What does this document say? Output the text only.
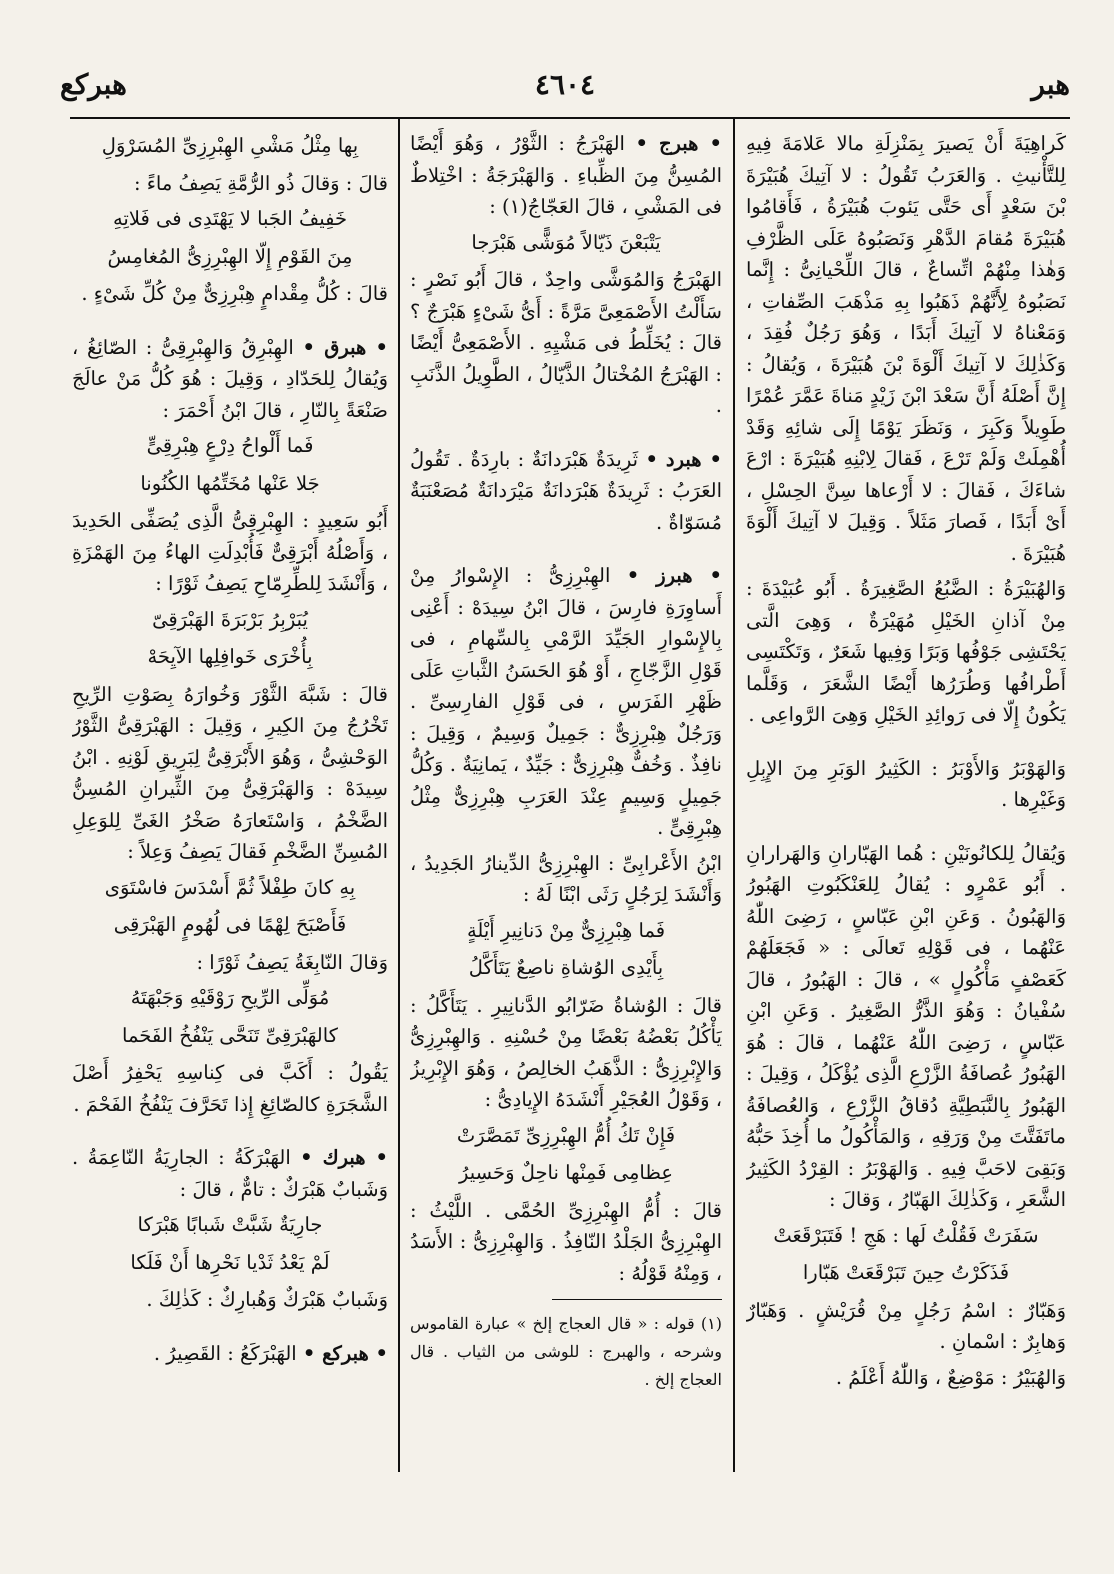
هبر
٤٦٠٤
هبركع

كَراهِيَةَ أَنْ يَصيرَ بِمَنْزِلَةِ مالا عَلامَةَ فِيهِ لِلتَّأْنيثِ . وَالعَرَبُ تَقُولُ : لا آتِيكَ هُبَيْرَةَ بْنَ سَعْدٍ أَى حَتَّى يَئوبَ هُبَيْرَةُ ، فَأَقامُوا هُبَيْرَةَ مُقامَ الدَّهْرِ وَنَصَبُوهُ عَلَى الظَّرْفِ وَهٰذا مِنْهُمْ اتِّساعٌ ، قالَ اللِّحْيانِىُّ : إِنَّما نَصَبُوهُ لِأَنَّهُمْ ذَهَبُوا بِهِ مَذْهَبَ الصِّفاتِ ، وَمَعْناهُ لا آتِيكَ أَبَدًا ، وَهُوَ رَجُلٌ فُقِدَ ، وَكَذٰلِكَ لا آتِيكَ أَلْوَةَ بْنَ هُبَيْرَةَ ، وَيُقالُ : إِنَّ أَصْلَهُ أَنَّ سَعْدَ ابْنَ زَيْدٍ مَناةَ عَمَّرَ عُمْرًا طَوِيلاً وَكَبِرَ ، وَنَظَرَ يَوْمًا إِلَى شائِهِ وَقَدْ أُهْمِلَتْ وَلَمْ تَرْعَ ، فَقالَ لِابْنِهِ هُبَيْرَةَ : ارْعَ شاءَكَ ، فَقالَ : لا أَرْعاها سِنَّ الحِسْلِ ، أَىْ أَبَدًا ، فَصارَ مَثَلاً . وَقِيلَ لا آتِيكَ أَلْوَةَ هُبَيْرَةَ .

وَالهُبَيْرَةُ : الضَّبُعُ الصَّغِيرَةُ . أَبُو عُبَيْدَةَ : مِنْ آذانِ الخَيْلِ مُهَيْرَةٌ ، وَهِىَ الَّتى يَحْتَشِى جَوْفُها وَبَرًا وَفِيها شَعَرٌ ، وَتَكْتَسِى أَطْرافُها وَطُرَرُها أَيْضًا الشَّعَرَ ، وَقَلَّما يَكُونُ إِلّا فى رَوائِدِ الخَيْلِ وَهِىَ الرَّواعِى .

وَالهَوْبَرُ وَالأَوْبَرُ : الكَثِيرُ الوَبَرِ مِنَ الإِبِلِ وَغَيْرِها .

وَيُقالُ لِلكانُونَيْنِ : هُما الهَبّارانِ وَالهَرارانِ . أَبُو عَمْرٍو : يُقالُ لِلعَنْكَبُوتِ الهَبُورُ وَالهَبُونُ . وَعَنِ ابْنِ عَبّاسٍ ، رَضِىَ اللّٰهُ عَنْهُما ، فى قَوْلِهِ تَعالَى : « فَجَعَلَهُمْ كَعَصْفٍ مَأْكُولٍ » ، قالَ : الهَبُورُ ، قالَ سُفْيانُ : وَهُوَ الذَّرُّ الصَّغِيرُ . وَعَنِ ابْنِ عَبّاسٍ ، رَضِىَ اللّٰهُ عَنْهُما ، قالَ : هُوَ الهَبُورُ عُصافَةُ الزَّرْعِ الَّذِى يُؤْكَلُ ، وَقِيلَ : الهَبُورُ بِالنَّبَطِيَّةِ دُقاقُ الزَّرْعِ ، وَالعُصافَةُ ماتَفَتَّتَ مِنْ وَرَقِهِ ، وَالمَأْكُولُ ما أُخِذَ حَبُّهُ وَبَقِىَ لاحَبَّ فِيهِ . وَالهَوْبَرُ : القِرْدُ الكَثِيرُ الشَّعَرِ ، وَكَذٰلِكَ الهَبّارُ ، وَقالَ :

سَفَرَتْ فَقُلْتُ لَها : هَجِ ! فَتَبَرْقَعَتْ

فَذَكَرْتُ حِينَ تَبَرْقَعَتْ هَبّارا

وَهَبّارٌ : اسْمُ رَجُلٍ مِنْ قُرَيْشٍ . وَهَبّارٌ وَهابِرٌ : اسْمانِ .

وَالهُبَيْرُ : مَوْضِعٌ ، وَاللّٰهُ أَعْلَمُ .

• هبرج • الهَبْرَجُ : الثَّوْرُ ، وَهُوَ أَيْضًا المُسِنُّ مِنَ الظِّباءِ . وَالهَبْرَجَةُ : اخْتِلاطٌ فى المَشْىِ ، قالَ العَجّاجُ(١) :

يَتْبَعْنَ ذَيّالاً مُوَشًّى هَبْرَجا

الهَبْرَجُ وَالمُوَشَّى واحِدٌ ، قالَ أَبُو نَصْرٍ : سَأَلْتُ الأَصْمَعِىَّ مَرَّةً : أَىُّ شَىْءٍ هَبْرَجٌ ؟ قالَ : يُخَلِّطُ فى مَشْيِهِ . الأَصْمَعِىُّ أَيْضًا : الهَبْرَجُ المُخْتالُ الذَّيّالُ ، الطَّوِيلُ الذَّنَبِ .

• هبرد • ثَرِيدَةٌ هَبْرَدانَةٌ : بارِدَةٌ . تَقُولُ العَرَبُ : ثَرِيدَةٌ هَبْرَدانَةٌ مَيْرَدانَةٌ مُصَعْنَبَةٌ مُسَوّاةٌ .

• هبرز • الهِبْرِزِىُّ : الإِسْوارُ مِنْ أَساوِرَةِ فارِسَ ، قالَ ابْنُ سِيدَهْ : أَعْنِى بِالإِسْوارِ الجَيِّدَ الرَّمْىِ بِالسِّهامِ ، فى قَوْلِ الزَّجّاجِ ، أَوْ هُوَ الحَسَنُ الثَّباتِ عَلَى ظَهْرِ الفَرَسِ ، فى قَوْلِ الفارِسِىِّ . وَرَجُلٌ هِبْرِزِىٌّ : جَمِيلٌ وَسِيمٌ ، وَقِيلَ : نافِذٌ . وَخُفٌّ هِبْرِزِىٌّ : جَيِّدٌ ، يَمانِيَةٌ . وَكُلُّ جَمِيلٍ وَسِيمٍ عِنْدَ العَرَبِ هِبْرِزِىٌّ مِثْلُ هِبْرِقِىٍّ .

ابْنُ الأَعْرابِىِّ : الهِبْرِزِىُّ الدِّينارُ الجَدِيدُ ، وَأَنْشَدَ لِرَجُلٍ رَثَى ابْنًا لَهُ :

فَما هِبْرِزِىٌّ مِنْ دَنانِيرِ أَيْلَةٍ

بِأَيْدِى الوُشاةِ ناصِعٌ يَتَأَكَّلُ

قالَ : الوُشاةُ ضَرّابُو الدَّنانِيرِ . يَتَأَكَّلُ : يَأْكُلُ بَعْضُهُ بَعْضًا مِنْ حُسْنِهِ . وَالهِبْرِزِىُّ وَالإِبْرِزِىُّ : الذَّهَبُ الخالِصُ ، وَهُوَ الإِبْرِيزُ ، وَقَوْلُ العُجَيْرِ أَنْشَدَهُ الإِيادِىُّ :

فَإِنْ تَكُ أُمُّ الهِبْرِزِىِّ تَمَصَّرَتْ

عِظامِى فَمِنْها ناحِلٌ وَحَسِيرُ

قالَ : أُمُّ الهِبْرِزِىِّ الحُمَّى . اللَّيْثُ : الهِبْرِزِىُّ الجَلْدُ النّافِذُ . وَالهِبْرِزِىُّ : الأَسَدُ ، وَمِنْهُ قَوْلُهُ :

(١) قوله : « قال العجاج إلخ » عبارة القاموس وشرحه ، والهبرج : للوشى من الثياب . قال العجاج إلخ .

بِها مِثْلُ مَشْىِ الهِبْرِزِىِّ المُسَرْوَلِ

قالَ : وَقالَ ذُو الرُّمَّةِ يَصِفُ ماءً :

خَفِيفُ الجَبا لا يَهْتَدِى فى فَلاتِهِ

مِنَ القَوْمِ إِلّا الهِبْرِزِىُّ المُغامِسُ

قالَ : كُلُّ مِقْدامٍ هِبْرِزِىٌّ مِنْ كُلِّ شَىْءٍ .

• هبرق • الهِبْرِقُ وَالهِبْرِقِىُّ : الصّائِغُ ، وَيُقالُ لِلحَدّادِ ، وَقِيلَ : هُوَ كُلُّ مَنْ عالَجَ صَنْعَةً بِالنّارِ ، قالَ ابْنُ أَحْمَرَ :

فَما أَلْواحُ دِرْعٍ هِبْرِقِىٍّ

جَلا عَنْها مُخَتِّمُها الكُنُونا

أَبُو سَعِيدٍ : الهِبْرِقِىُّ الَّذِى يُصَفِّى الحَدِيدَ ، وَأَصْلُهُ أَبْرَقِىٌّ فَأُبْدِلَتِ الهاءُ مِنَ الهَمْزَةِ ، وَأَنْشَدَ لِلطِّرِمّاحِ يَصِفُ ثَوْرًا :

يُبَرْبِرُ بَرْبَرَةَ الهَبْرَقِىّ

بِأُخْرَى خَوافِلِها الآيِحَهْ

قالَ : شَبَّهَ الثَّوْرَ وَخُوارَهُ بِصَوْتِ الرِّيحِ تَخْرُجُ مِنَ الكِيرِ ، وَقِيلَ : الهَبْرَقِىُّ الثَّوْرُ الوَحْشِىُّ ، وَهُوَ الأَبْرَقِىُّ لِبَرِيقِ لَوْنِهِ . ابْنُ سِيدَهْ : وَالهَبْرَقِىُّ مِنَ الثِّيرانِ المُسِنُّ الضَّخْمُ ، وَاسْتَعارَهُ صَخْرُ الغَىِّ لِلوَعِلِ المُسِنِّ الضَّخْمِ فَقالَ يَصِفُ وَعِلاً :

بِهِ كانَ طِفْلاً ثُمَّ أَسْدَسَ فاسْتَوَى

فَأَصْبَحَ لِهْمًا فى لُهُومٍ الهَبْرَقِى

وَقالَ النّابِغَةُ يَصِفُ ثَوْرًا :

مُوَلِّى الرِّيحِ رَوْقَيْهِ وَجَبْهَتَهُ

كالهَبْرَقِىِّ تَنَحَّى يَنْفُخُ الفَحَما

يَقُولُ : أَكَبَّ فى كِناسِهِ يَحْفِرُ أَصْلَ الشَّجَرَةِ كالصّائِغِ إِذا تَحَرَّفَ يَنْفُخُ الفَحْمَ .

• هبرك • الهَبْرَكَةُ : الجارِيَةُ النّاعِمَةُ . وَشَبابٌ هَبْرَكٌ : تامٌّ ، قالَ :

جارِيَةٌ شَبَّتْ شَبابًا هَبْرَكا

لَمْ يَعْدُ ثَدْيا نَحْرِها أَنْ فَلَكا

وَشَبابٌ هَبْرَكٌ وَهُبارِكٌ : كَذٰلِكَ .

• هبركع • الهَبْرَكَعُ : القَصِيرُ .
